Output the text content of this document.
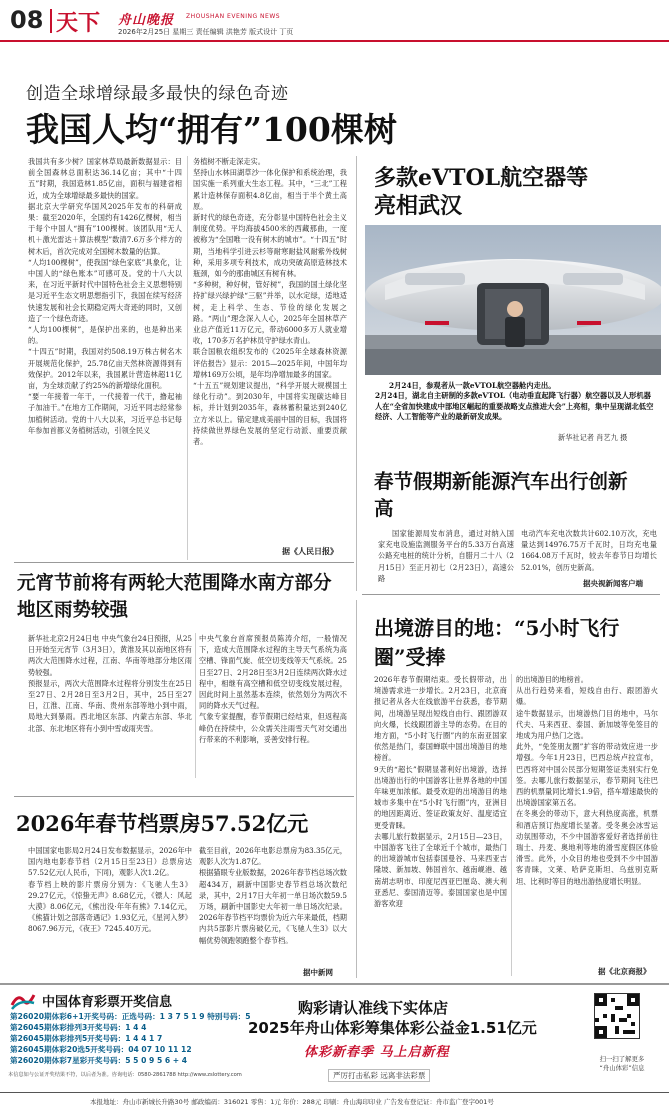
08 天下 舟山晚报 ZHOUSHAN EVENING NEWS
2026年2月25日 星期三 责任编辑 洪艳芳 版式设计 丁页
创造全球增绿最多最快的绿色奇迹
我国人均“拥有”100棵树
我国共有多少树？国家林草局最新数据显示：目前全国森林总面积达36.14亿亩；其中“十四五”时期，我国造林1.85亿亩，面积与福建省相近，成为全球增绿最多最快的国家。
据北京大学研究华国风2025年发布的科研成果：截至2020年，全国约有1426亿棵树，相当于每个中国人“拥有”100棵树。该团队用“无人机＋激光雷达＋算法模型”数清7.6万多个样方的树木后，首次完成对全国树木数量的估算。
“人均100棵树”，使我国“绿色家底”具象化，让中国人的“绿色账本”可感可及。党的十八大以来，在习近平新时代中国特色社会主义思想特别是习近平生态文明思想指引下，我国在续写经济快速发展和社会长期稳定两大奇迹的同时，又创造了一个绿色奇迹。
“人均100棵树”，是保护出来的，也是种出来的。
“十四五”时期，我国对约508.19万株古树名木开展规范化保护，25.78亿亩天然林资源得到有效保护。2012年以来，我国累计营造林超11亿亩，为全球贡献了约25%的新增绿化面积。
“要一年接着一年干，一代接着一代干，撸起袖子加油干。”在地方工作期间，习近平同志经常参加植树活动。党的十八大以来，习近平总书记每年参加首都义务植树活动，引领全民义
务植树不断走深走实。
坚持山水林田湖草沙一体化保护和系统治理，我国实施一系列重大生态工程。其中，“三北”工程累计造林保存面积4.8亿亩，相当于半个黄土高原。
新时代的绿色奇迹，充分彰显中国特色社会主义制度优势。平均海拔4500米的西藏那曲，一度被称为“全国唯一没有树木的城市”。“十四五”时期，当地科学引进云杉等耐寒耐盐风耐紫外线树种，采用多项专利技术，成功突破高原造林技术瓶颈，如今的那曲城区有树有林。
“多种树，种好树，管好树”，我国的国土绿化坚持扩绿兴绿护绿“三驱”并举，以水定绿，适地适树，走上科学、生态、节俭的绿化发展之路。“两山”理念深入人心，2025年全国林草产业总产值近11万亿元，带动6000多万人就业增收，170多万名护林员守护绿水青山。
联合国粮农组织发布的《2025年全球森林资源评估报告》显示：2015—2025年间，中国年均增林169万公顷，是年均净增加最多的国家。
“十五五”规划建议提出，“科学开展大规模国土绿化行动”。到2030年，中国将实现碳达峰目标，并计划到2035年，森林蓄积量达到240亿立方米以上。锚定建成美丽中国的目标，我国将持续做世界绿色发展的坚定行动派、重要贡献者。
据《人民日报》
多款eVTOL航空器等亮相武汉
2月24日，参观者从一款eVTOL航空器舱内走出。
2月24日，湖北自主研制的多款eVTOL（电动垂直起降飞行器）航空器以及人形机器人在“全省加快建成中部地区崛起的重要战略支点推进大会”上亮相，集中呈现湖北低空经济、人工智能等产业的最新研发成果。
新华社记者 肖艺九 摄
春节假期新能源汽车出行创新高
国家能源局发布消息，通过对纳入国家充电设施监测服务平台的5.33万台高速公路充电桩的统计分析，自腊月二十八（2月15日）至正月初七（2月23日），高速公路
电动汽车充电次数共计602.10万次，充电量达到14976.75万千瓦时，日均充电量1664.08万千瓦时，较去年春节日均增长52.01%，创历史新高。
据央视新闻客户端
元宵节前将有两轮大范围降水南方部分地区雨势较强
新华社北京2月24日电 中央气象台24日预报，从25日开始至元宵节（3月3日），黄淮及其以南地区将有两次大范围降水过程，江南、华南等地部分地区雨势较强。
预报显示，两次大范围降水过程将分别发生在25日至27日、2月28日至3月2日，其中，25日至27日，江淮、江南、华南、贵州东部等地小到中雨，局地大到暴雨。西北地区东部、内蒙古东部、华北北部、东北地区将有小到中雪或雨夹雪。
中央气象台首席预报员陈涛介绍，一般情况下，造成大范围降水过程的主导天气系统为高空槽、锋面气旋、低空切变线等天气系统。25日至27日、2月28日至3月2日连续两次降水过程中，相继有高空槽和低空切变线发展过程，因此时间上虽然基本连续，依然划分为两次不同的降水天气过程。
气象专家提醒，春节假期已经结束，但返程高峰仍在持续中，公众需关注雨雪天气对交通出行带来的不利影响，妥善安排行程。
2026年春节档票房57.52亿元
中国国家电影局2月24日发布数据显示，2026年中国内地电影春节档（2月15日至23日）总票房达57.52亿元(人民币，下同)，观影人次1.2亿。
春节档上映的影片票房分别为：《飞驰人生3》29.27亿元，《惊蛰无声》8.68亿元，《镖人：风起大漠》8.06亿元，《熊出没·年年有熊》7.14亿元，《熊猫计划之部落奇遇记》1.93亿元，《星河入梦》8067.96万元，《夜王》7245.40万元。
截至目前，2026年电影总票房为83.35亿元，观影人次为1.87亿。
根据猫眼专业版数据，2026年春节档总场次数超434万，刷新中国影史春节档总场次数纪录，其中，2月17日大年初一单日场次数59.5万场，刷新中国影史大年初一单日场次纪录。2026年春节档平均票价为近六年来最低，档期内共5部影片票房破亿元，《飞驰人生3》以大幅优势领跑领跑整个春节档。
据中新网
出境游目的地：“5小时飞行圈”受捧
2026年春节假期结束。受长假带动，出境游需求进一步增长。2月23日，北京商报记者从各大在线旅游平台获悉，春节期间，出境游呈现出短线自由行、跟团游双向火爆，长线跟团游主导的态势。在目的地方面，“5小时飞行圈”内的东南亚国家依然是热门，泰国蝉联中国出境游目的地榜首。
9天的“超长”假期显著利好出境游，选择出境游出行的中国游客让世界各地的中国年味更加浓郁。最受欢迎的出境游目的地城市多集中在“5小时飞行圈”内，亚洲目的地因距离近、签证政策友好、温度适宜更受青睐。
去哪儿旅行数据显示，2月15日—23日，中国游客飞往了全球近千个城市，最热门的出境游城市包括泰国曼谷、马来西亚吉隆坡、新加坡、韩国首尔、越南岘港、越南胡志明市、印度尼西亚巴厘岛、澳大利亚悉尼、泰国清迈等。泰国国家也是中国游客欢迎
的出境游目的地榜首。
从出行趋势来看，短线自由行、跟团游火爆。
途牛数据显示，出境游热门目的地中，马尔代夫、马来西亚、泰国、新加坡等免签目的地成为用户热门之选。
此外，“免签朋友圈”扩容的带动效应进一步增强。今年1月23日，巴西总统卢拉宣布，巴西将对中国公民部分短期签证类别实行免签。去哪儿旅行数据显示，春节期间飞往巴西的机票量同比增长1.9倍，搭车增速最快的出境游国家第五名。
在冬奥会的带动下，意大利热度高涨，机票和酒店预订热度增长显著。受冬奥会冰雪运动氛围带动，不少中国游客爱好者选择前往瑞士、丹麦、奥地利等地的滑雪度假区体验滑雪。此外，小众目的地也受到不少中国游客青睐，文莱、哈萨克斯坦、乌兹别克斯坦、比利时等目的地出游热度增长明显。
据《北京商报》
中国体育彩票开奖信息
第26020期体彩6+1开奖号码：正选号码：1 3 7 5 1 9 特别号码：5
第26045期体彩排列3开奖号码：1 4 4
第26045期体彩排列5开奖号码：1 4 4 1 7
第26045期体彩20选5开奖号码：04 07 10 11 12
第26020期体彩7星彩开奖号码：5 5 0 9 5 6 + 4
本信息如与公证开奖结果不符，以后者为准。咨询电话：0580-2861788 http://www.zslottery.com
购彩请认准线下实体店
2025年舟山体彩筹集体彩公益金1.51亿元
体彩新春季 马上启新程
严厉打击私彩 远离非法彩票
扫一扫了解更多
“舟山体彩”信息
本报地址：舟山市新城长升路30号 邮政编码：316021 零售：1元 年价：288元 印刷：舟山海印印业 广告发布登记证：舟市监广登字001号
